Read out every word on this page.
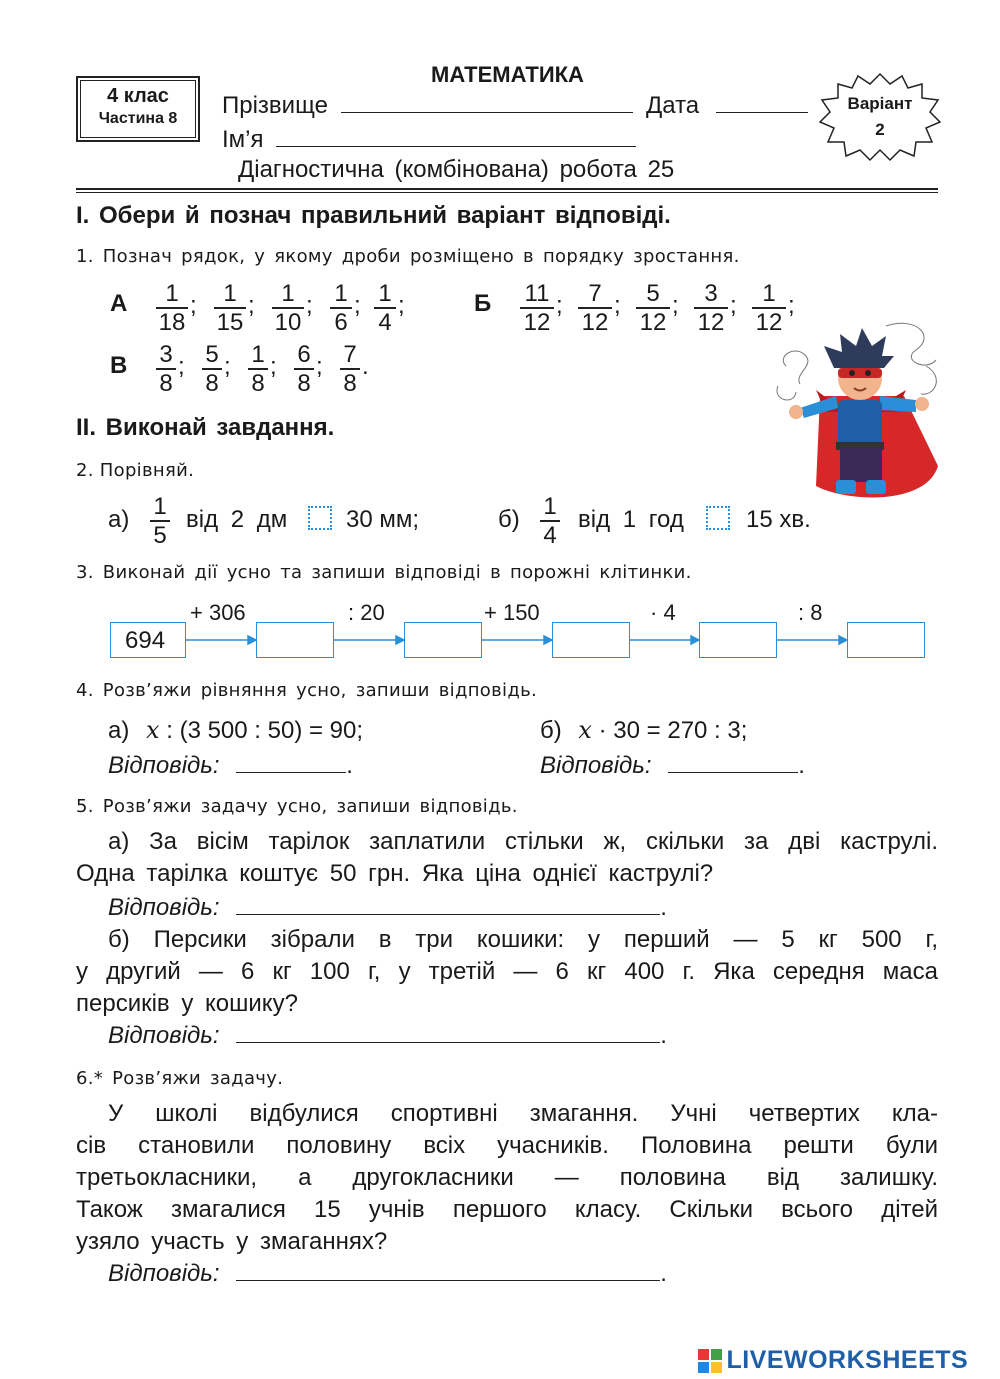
4 клас
Частина 8
МАТЕМАТИКА
Прізвище	Дата
Ім’я
Варіант
2
Діагностична (комбінована) робота 25
І. Обери й познач правильний варіант відповіді.
1. Познач рядок, у якому дроби розміщено в порядку зростання.
А $\frac{1}{18}$ ; $\frac{1}{15}$ ; $\frac{1}{10}$ ; $\frac{1}{6}$ ; $\frac{1}{4}$ ;	Б $\frac{11}{12}$ ; $\frac{7}{12}$ ; $\frac{5}{12}$ ; $\frac{3}{12}$ ; $\frac{1}{12}$ ;
В $\frac{3}{8}$ ; $\frac{5}{8}$ ; $\frac{1}{8}$ ; $\frac{6}{8}$ ; $\frac{7}{8}$ .
ІІ. Виконай завдання.
2. Порівняй.
$а) \frac{1}{5}$ від 2 дм 30 мм;	$б) \frac{1}{4}$ від 1 год	15 хв.
3. Виконай дії усно та запиши відповіді в порожні клітинки.
694
+ 306	: 20	+ 150	· 4	: 8
4. Розв’яжи рівняння усно, запиши відповідь.
а) x : (3 500 : 50) = 90;	б) x · 30 = 270 : 3;
Відповідь:	.	Відповідь:	.
5. Розв’яжи задачу усно, запиши відповідь.
а) За вісім тарілок заплатили стільки ж, скільки за дві каструлі.
Одна тарілка коштує 50 грн. Яка ціна однієї каструлі?
Відповідь:	.
б) Персики зібрали в три кошики: у перший — 5 кг 500 г,
у другий — 6 кг 100 г, у третій — 6 кг 400 г. Яка середня маса
персиків у кошику?
Відповідь:	.
6.* Розв’яжи задачу.
У школі відбулися спортивні змагання. Учні четвертих кла-
сів становили половину всіх учасників. Половина решти були
третьокласники, а другокласники — половина від залишку.
Також змагалися 15 учнів першого класу. Скільки всього дітей
узяло участь у змаганнях?
Відповідь:	.
LIVEWORKSHEETS
